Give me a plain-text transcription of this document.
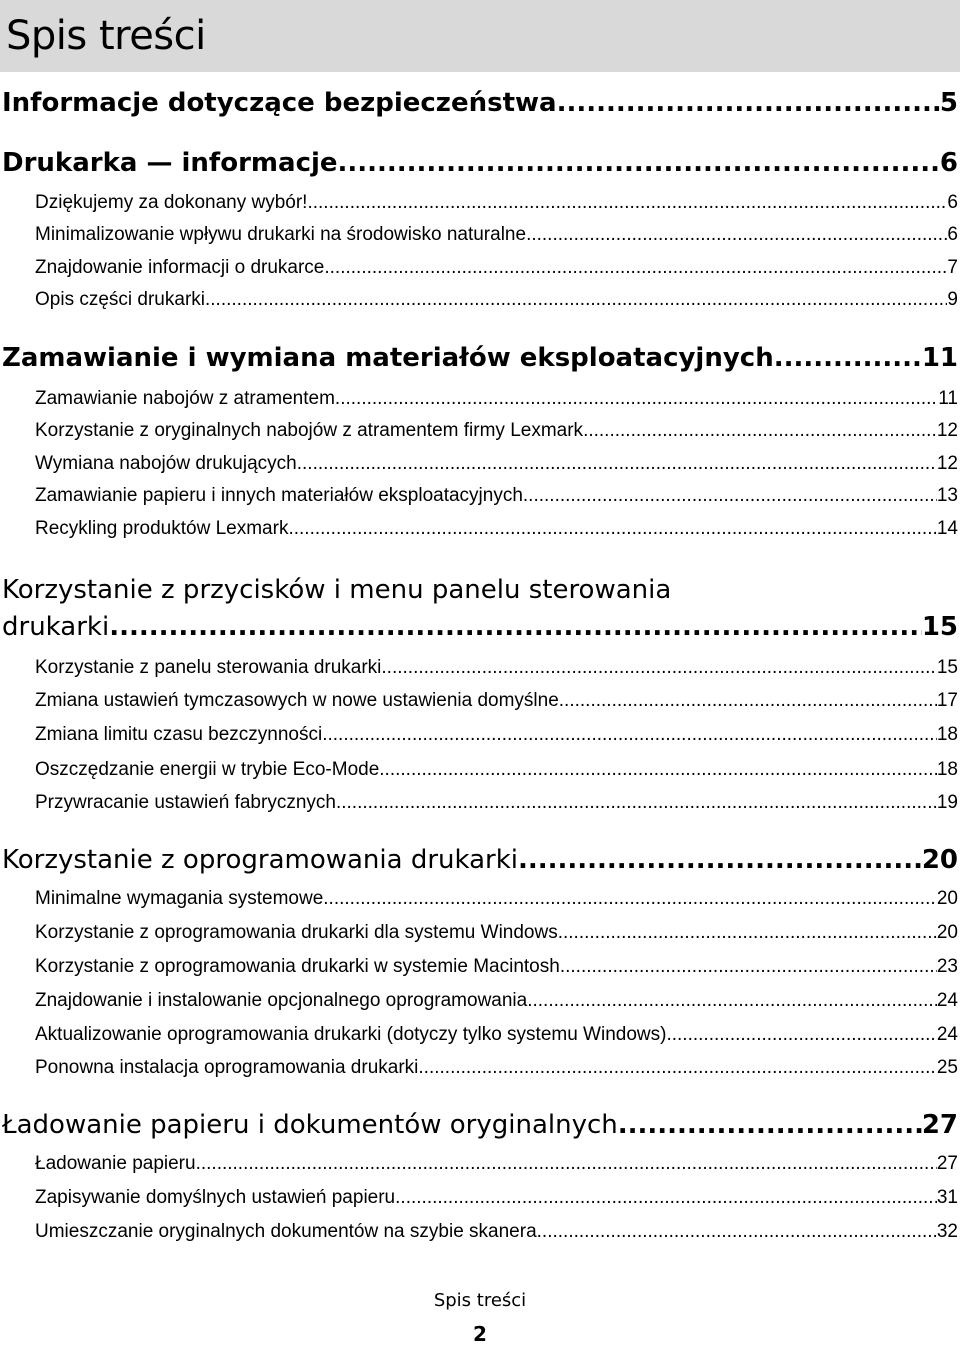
Spis treści
Informacje dotyczące bezpieczeństwa .....	5
Drukarka — informacje .....	6
Dziękujemy za dokonany wybór! .....	6
Minimalizowanie wpływu drukarki na środowisko naturalne .....	6
Znajdowanie informacji o drukarce .....	7
Opis części drukarki .....	9
Zamawianie i wymiana materiałów eksploatacyjnych .....	11
Zamawianie nabojów z atramentem .....	11
Korzystanie z oryginalnych nabojów z atramentem firmy Lexmark .....	12
Wymiana nabojów drukujących .....	12
Zamawianie papieru i innych materiałów eksploatacyjnych .....	13
Recykling produktów Lexmark .....	14
Korzystanie z przycisków i menu panelu sterowania
drukarki .....	15
Korzystanie z panelu sterowania drukarki .....	15
Zmiana ustawień tymczasowych w nowe ustawienia domyślne .....	17
Zmiana limitu czasu bezczynności .....	18
Oszczędzanie energii w trybie Eco-Mode .....	18
Przywracanie ustawień fabrycznych .....	19
Korzystanie z oprogramowania drukarki .....	20
Minimalne wymagania systemowe .....	20
Korzystanie z oprogramowania drukarki dla systemu Windows .....	20
Korzystanie z oprogramowania drukarki w systemie Macintosh .....	23
Znajdowanie i instalowanie opcjonalnego oprogramowania .....	24
Aktualizowanie oprogramowania drukarki (dotyczy tylko systemu Windows) .....	24
Ponowna instalacja oprogramowania drukarki .....	25
Ładowanie papieru i dokumentów oryginalnych .....	27
Ładowanie papieru .....	27
Zapisywanie domyślnych ustawień papieru .....	31
Umieszczanie oryginalnych dokumentów na szybie skanera .....	32
Spis treści
2
